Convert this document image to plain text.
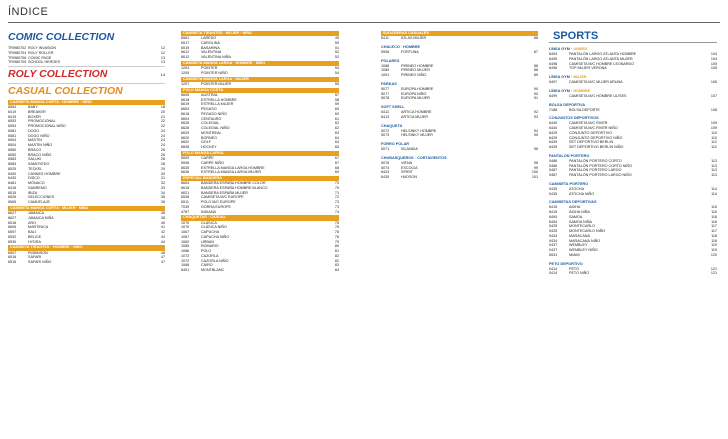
ÍNDICE
COMIC COLLECTION
TRI980702 ROLY INVASION	12
TRI980704 ROLY ROLLER	12
TRI980706 COMIC PAGE	13
TRI980705 SCHOOL HEROES	13
ROLY COLLECTION	14
CASUAL COLLECTION
CAMISETA MANGA CORTA · HOMBRE · NIÑO
6564	BABY	18
6419	BREAKER	20
6419	BOXER	21
6553	PROMOCIONAL	22
6553	PROMOCIONAL NIÑO	22
6581	DOGO	24
6581	DOGO NIÑO	24
6504	MASTIN	24
6504	MASTIN NIÑO	24
6550	BRACO	26
6550	BRACO NIÑO	26
6583	SALUKI	28
6583	SAMOYEDO	28
6525	TECKEL	29
6400	CANNES HOMBRE	30
6430	DISCO	31
6481	MÓNACO	32
6416	SANREMO	33
6515	IBIZA	34
6526	SELECCIONES	35
6565	CAMUFLAJE	36
CAMISETA MANGA CORTA · MUJER · NIÑA
6627	JAMAICA	38
6627	JAMAICA NIÑA	38
6518	ARO	40
6606	MARTINICA	41
6597	BALI	42
6532	BELICE	43
6530	HYDRA	44
CAMISETA TIRANTES · HOMBRE · NIÑO
6507	ROBINSON	46
6516	SAFARI	47
6516	SAFARI NIÑO	47
CAMISETA TIRANTES · MUJER · NIÑA
6561	LAREDO	49
6517	CAROLINA	50
6519	BASARINA	51
6612	VALENTINA	52
6612	VALENTINA NIÑA	52
CAMISETA MANGA LARGA · HOMBRE · NIÑO
1204	POINTER	54
1205	POINTER NIÑO	54
CAMISETA MANGA LARGA · MUJER
1207	POINTER MUJER	55
POLO MANGA CORTA
6605	AUSTRAL	57
6618	ESTRELLA HOMBRE	58
6619	ESTRELLA MUJER	59
6603	PEGASO	60
6618	PEGASO NIÑO	60
6604	CENTAURO	61
6628	COLEGIAL	62
6628	COLEGIAL NIÑO	62
6629	MONTREAL	63
6620	BORNEO	64
6602	GOLF	64
6608	HOCKEY	65
POLO MANGA LARGA
5009	CARPE	67
5008	CARPE NIÑO	67
6635	ESTRELLA MANGA LARGA HOMBRE	68
6636	ESTRELLA MANGA LARGA MUJER	69
ESPECIAL BANDERA
6604	BANDERA ESPAÑA HOMBRE COLOR	70
6616	BANDERA ESPAÑA HOMBRE BLANCO	70
6621	BANDERA ESPAÑA MUJER	71
6538	CAMISETA M/C EUROPE	72
6511	POLO M/C EUROPE	73
7039	GORRA EUROPE	73
4787	INDIANA	74
CHAQUETAS · CASUAL
1070	CLÁSICA	76
1070	CLÁSICA NIÑO	76
1067	CAPUCHA	78
1067	CAPUCHA NIÑO	78
1062	URBAN	79
1085	ROMARIO	80
1086	POLO	81
1072	CAZORLA	82
1072	CAZORLA NIÑO	82
1068	CAIRO	83
6401	MONTBLANC	84
SUDADERAS CASUALES
6411	ATLAS MUJER	86
CHALECO · HOMBRE
5908	FORTUNA	87
POLARES
1088	PIRINEO HOMBRE	88
1089	PIRINEO MUJER	88
1091	PIRINEO NIÑO	89
PARKAS
5077	EUROPA HOMBRE	90
5077	EUROPA NIÑO	90
5078	EUROPA MUJER	91
SOFT SHELL
6412	ARTICA HOMBRE	92
6413	ARTICA MUJER	93
CHAQUETA
5072	HELSINKY HOMBRE	94
5073	HELSINKY MUJER	95
FORRO POLAR
5071	ISLANDIA	96
CHUBASQUEROS · CORTAVIENTOS
5076	VIENA	98
5074	ESCOCIA	99
6423	SPIRIT	100
6430	HUDSON	101
SPORTS
LÍNEA GYM · UNISEX
6494	PANTALÓN LARGO ATLANTA HOMBRE	104
6495	PANTALÓN LARGO ATLANTA MUJER	104
6498	CAMISETA M/C HOMBRE LEONARDO	105
6496	TOP MUJER VERONA	105
LÍNEA GYM · MUJER
6497	CAMISETA M/C MUJER ARUNA	106
LÍNEA GYM · HOMBRE
6499	CAMISETA M/C HOMBRE ULISES	107
BOLSA DEPORTIVA
7188	BOLSA DEPORTE	108
CONJUNTOS DEPORTIVOS
6440	CAMISETA M/C RIVER	109
6440	CAMISETA M/C RIVER NIÑO	109
6429	CONJUNTO DEPORTIVO	110
6429	CONJUNTO DEPORTIVO NIÑO	110
6439	SET DEPORTIVO BERLIN	112
6439	SET DEPORTIVO BERLIN NIÑO	112
PANTALÓN PORTERO
0486	PANTALÓN PORTERO CORTO	113
0486	PANTALÓN PORTERO CORTO NIÑO	113
0487	PANTALÓN PORTERO LARGO	113
0487	PANTALÓN PORTERO LARGO NIÑO	113
CAMISETA PORTERO
0435	ATOCHA	114
0435	ATOCHA NIÑO	114
CAMISETAS DEPORTIVAS
6415	AIDHA	115
6415	AIDHA NIÑA	115
6494	SAMOA	116
6494	SAMOA NIÑA	116
0425	MONTECARLO	117
0425	MONTECARLO NIÑO	117
0434	MARACANÁ	118
0434	MARACANÁ NIÑO	118
0437	WEMBLEY	119
0437	WEMBLEY NIÑO	119
6531	MIAMI	120
PETO DEPORTIVO
0414	PETO	121
0414	PETO NIÑO	121
